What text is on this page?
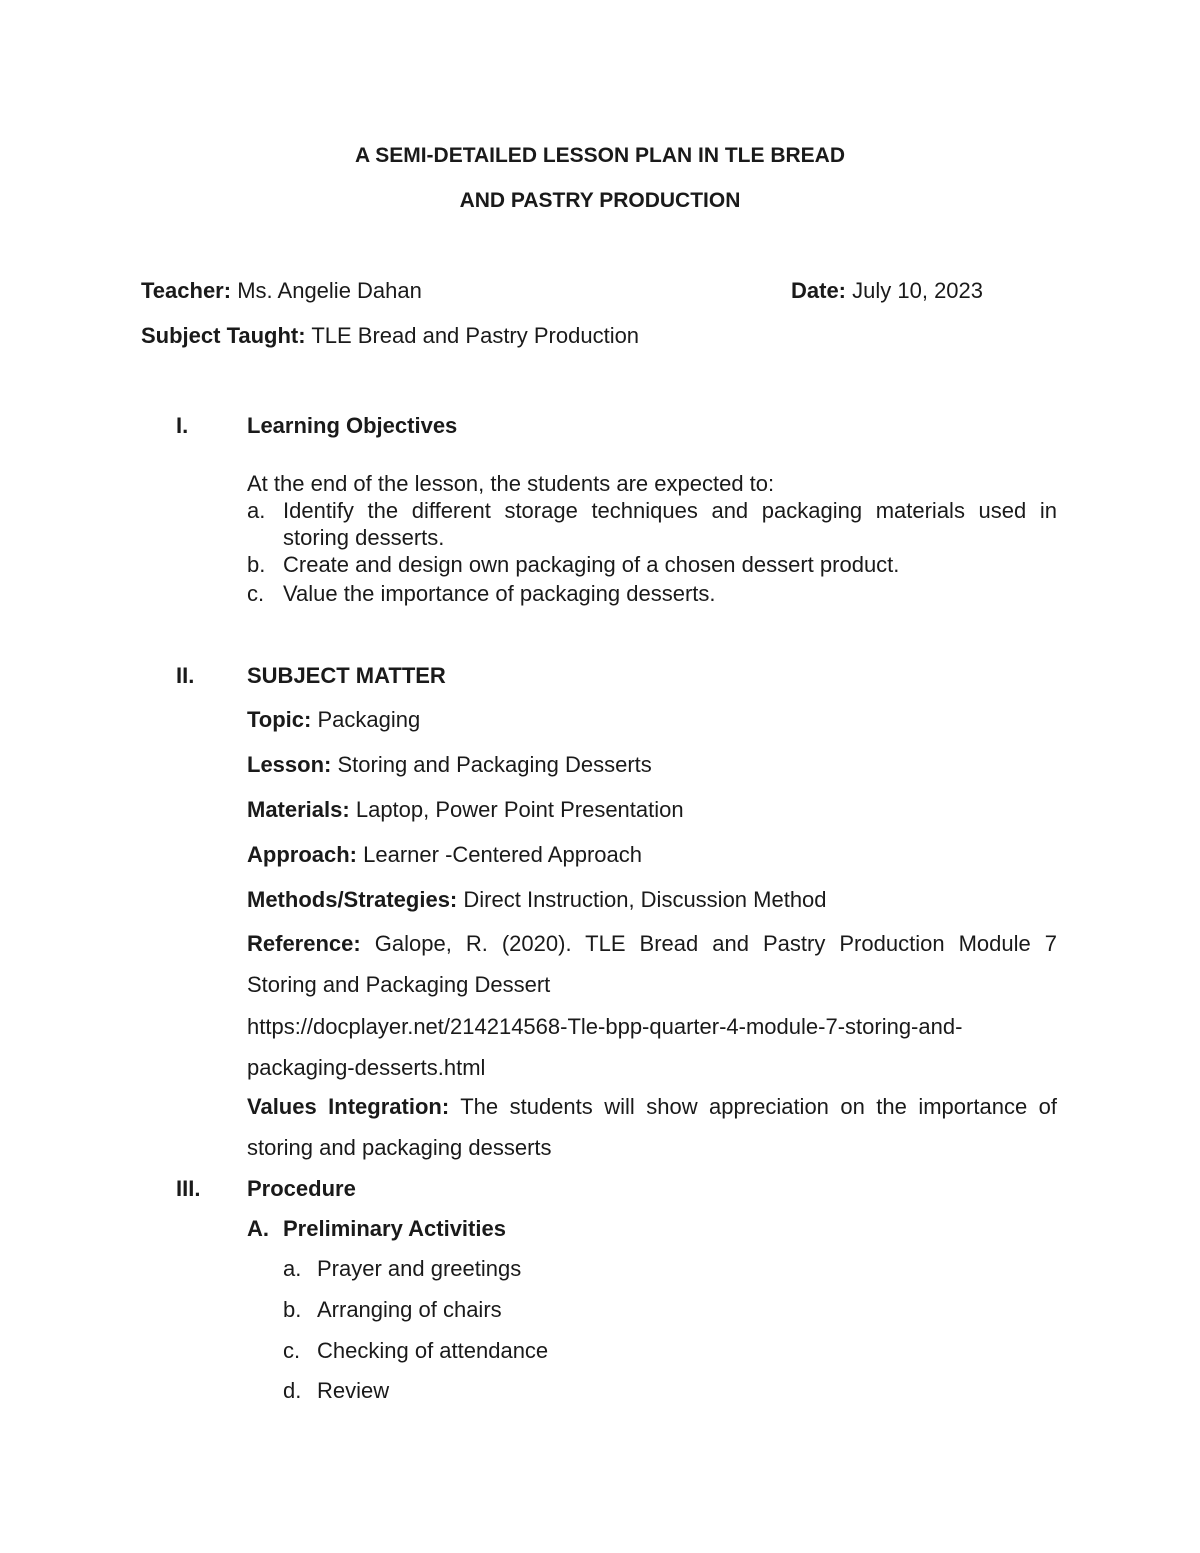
A SEMI-DETAILED LESSON PLAN IN TLE BREAD
AND PASTRY PRODUCTION
Teacher: Ms. Angelie Dahan	Date: July 10, 2023
Subject Taught: TLE Bread and Pastry Production
I.	Learning Objectives
At the end of the lesson, the students are expected to:
a. Identify the different storage techniques and packaging materials used in
storing desserts.
b. Create and design own packaging of a chosen dessert product.
c. Value the importance of packaging desserts.
II. SUBJECT MATTER
Topic: Packaging
Lesson: Storing and Packaging Desserts
Materials: Laptop, Power Point Presentation
Approach: Learner -Centered Approach
Methods/Strategies: Direct Instruction, Discussion Method
Reference: Galope, R. (2020). TLE Bread and Pastry Production Module 7
Storing and Packaging Dessert
https://docplayer.net/214214568-Tle-bpp-quarter-4-module-7-storing-and-
packaging-desserts.html
Values Integration: The students will show appreciation on the importance of
storing and packaging desserts
III. Procedure
A. Preliminary Activities
a. Prayer and greetings
b. Arranging of chairs
c. Checking of attendance
d. Review
